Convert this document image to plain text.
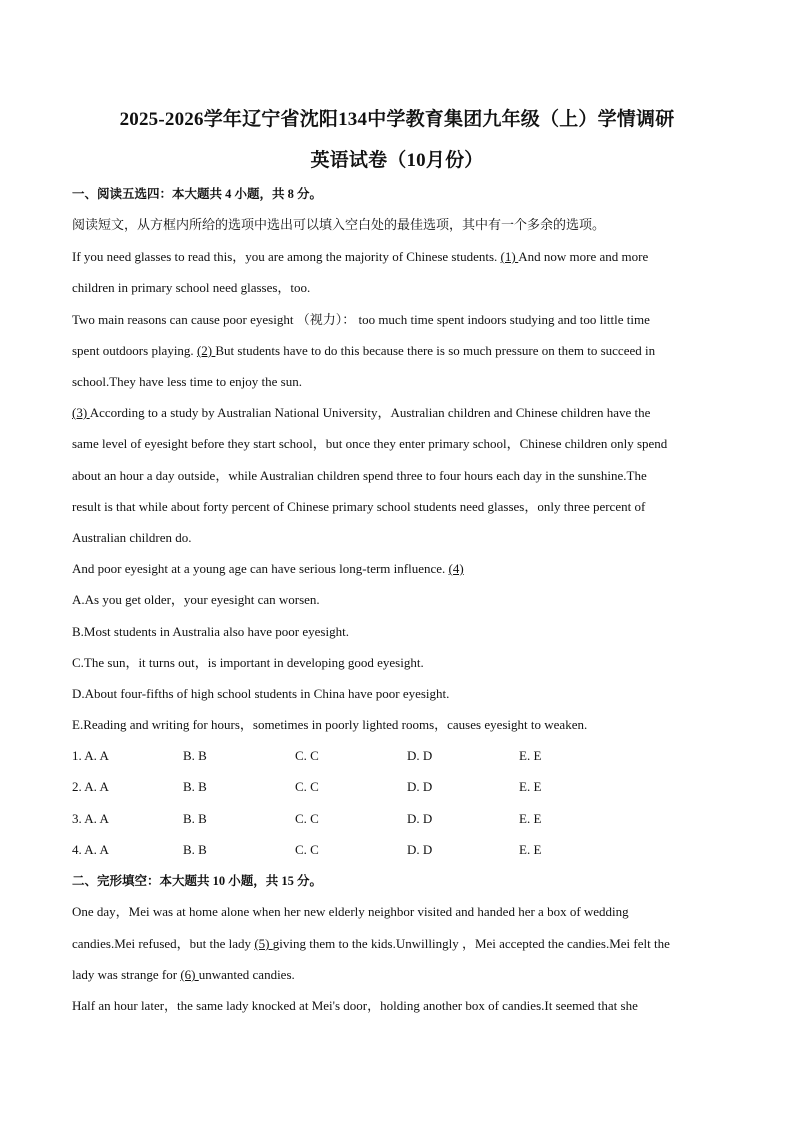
2025-2026学年辽宁省沈阳134中学教育集团九年级（上）学情调研
英语试卷（10月份）
一、阅读五选四：本大题共 4 小题，共 8 分。
阅读短文，从方框内所给的选项中选出可以填入空白处的最佳选项，其中有一个多余的选项。
If you need glasses to read this，you are among the majority of Chinese students. (1) And now more and more
children in primary school need glasses，too.
Two main reasons can cause poor eyesight （视力）： too much time spent indoors studying and too little time
spent outdoors playing. (2) But students have to do this because there is so much pressure on them to succeed in
school.They have less time to enjoy the sun.
(3) According to a study by Australian National University，Australian children and Chinese children have the
same level of eyesight before they start school，but once they enter primary school，Chinese children only spend
about an hour a day outside，while Australian children spend three to four hours each day in the sunshine.The
result is that while about forty percent of Chinese primary school students need glasses，only three percent of
Australian children do.
And poor eyesight at a young age can have serious long-term influence. (4)
A.As you get older，your eyesight can worsen.
B.Most students in Australia also have poor eyesight.
C.The sun，it turns out，is important in developing good eyesight.
D.About four-fifths of high school students in China have poor eyesight.
E.Reading and writing for hours，sometimes in poorly lighted rooms，causes eyesight to weaken.
1. A. A	B. B	C. C	D. D	E. E
2. A. A	B. B	C. C	D. D	E. E
3. A. A	B. B	C. C	D. D	E. E
4. A. A	B. B	C. C	D. D	E. E
二、完形填空：本大题共 10 小题，共 15 分。
One day，Mei was at home alone when her new elderly neighbor visited and handed her a box of wedding
candies.Mei refused，but the lady (5) giving them to the kids.Unwillingly ，Mei accepted the candies.Mei felt the
lady was strange for (6) unwanted candies.
Half an hour later，the same lady knocked at Mei's door，holding another box of candies.It seemed that she
